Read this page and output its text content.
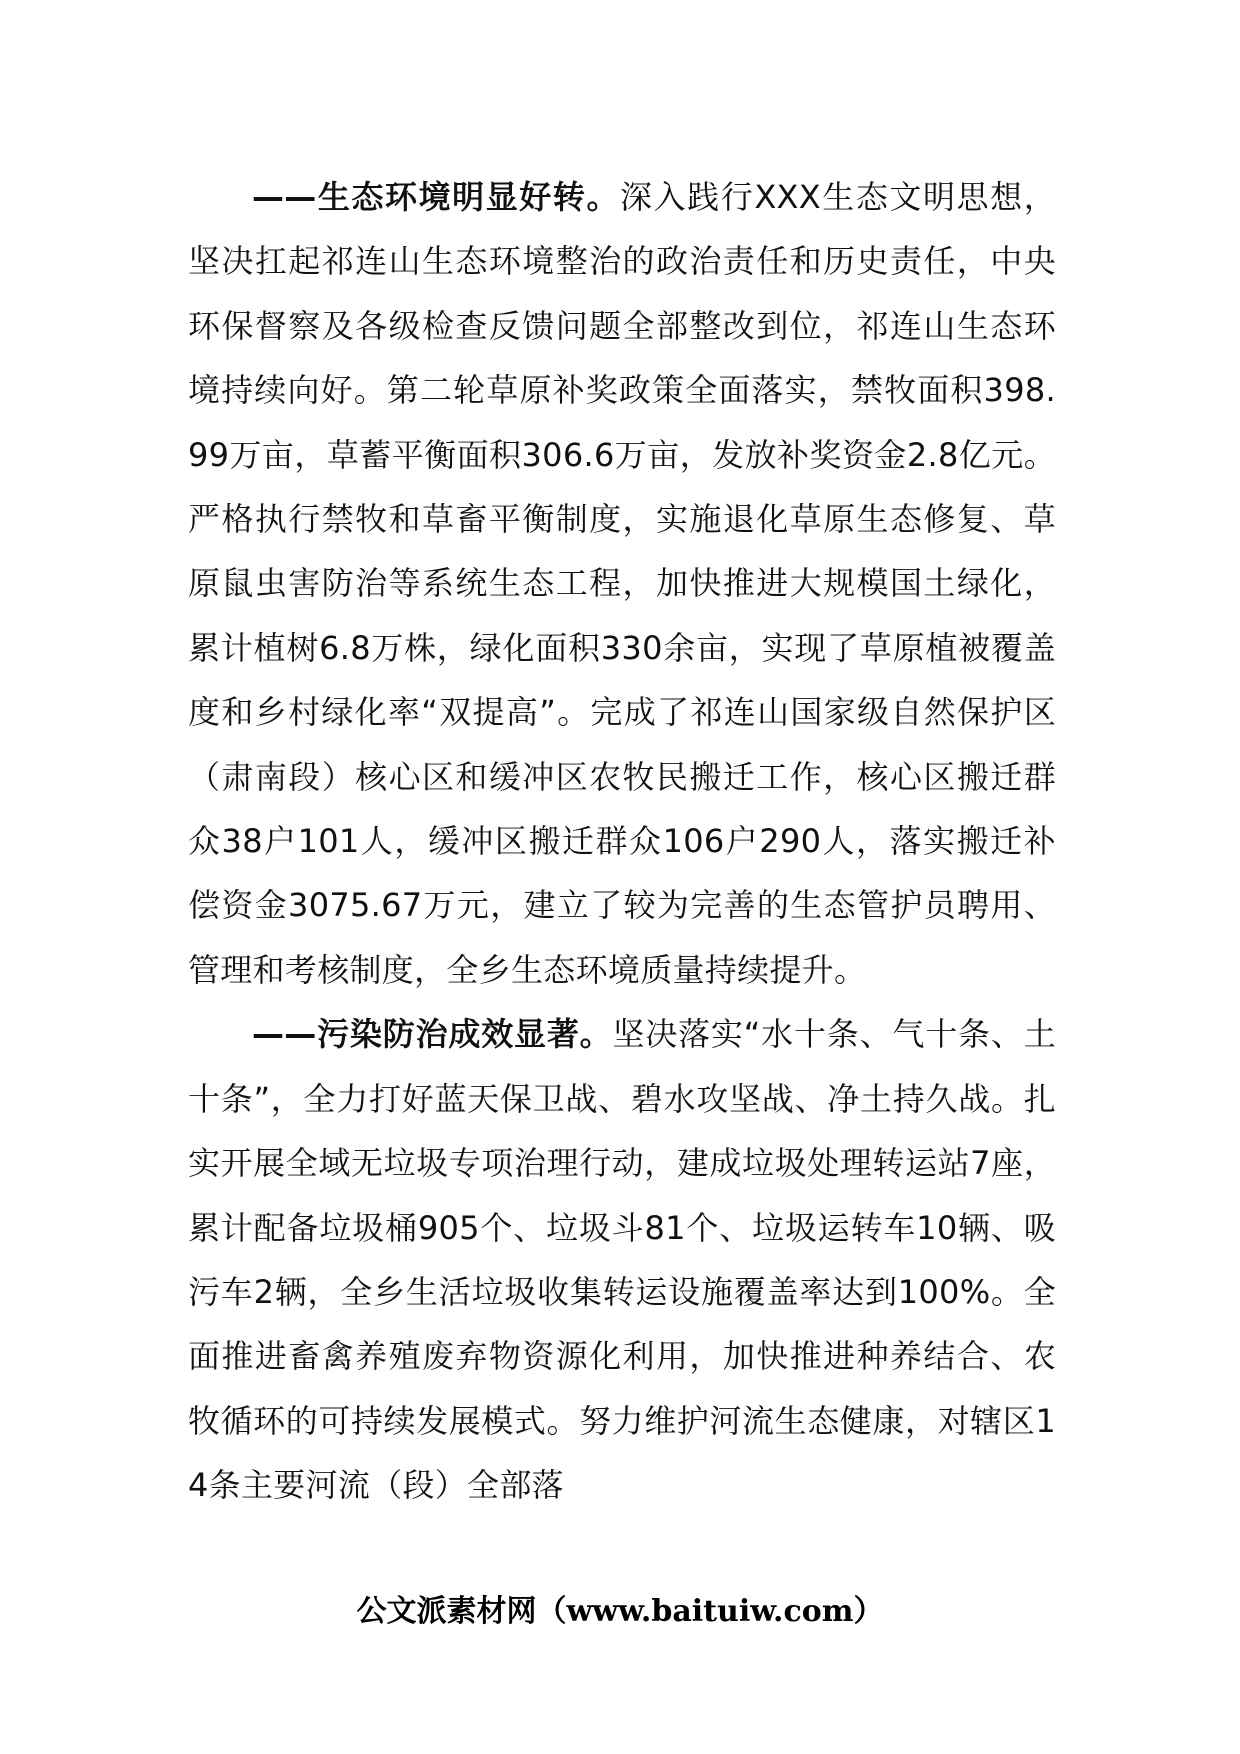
——生态环境明显好转。深入践行XXX生态文明思想，坚决扛起祁连山生态环境整治的政治责任和历史责任，中央环保督察及各级检查反馈问题全部整改到位，祁连山生态环境持续向好。第二轮草原补奖政策全面落实，禁牧面积398.99万亩，草蓄平衡面积306.6万亩，发放补奖资金2.8亿元。严格执行禁牧和草畜平衡制度，实施退化草原生态修复、草原鼠虫害防治等系统生态工程，加快推进大规模国土绿化，累计植树6.8万株，绿化面积330余亩，实现了草原植被覆盖度和乡村绿化率“双提高”。完成了祁连山国家级自然保护区（肃南段）核心区和缓冲区农牧民搬迁工作，核心区搬迁群众38户101人，缓冲区搬迁群众106户290人，落实搬迁补偿资金3075.67万元，建立了较为完善的生态管护员聘用、管理和考核制度，全乡生态环境质量持续提升。

——污染防治成效显著。坚决落实“水十条、气十条、土十条”，全力打好蓝天保卫战、碧水攻坚战、净土持久战。扎实开展全域无垃圾专项治理行动，建成垃圾处理转运站7座，累计配备垃圾桶905个、垃圾斗81个、垃圾运转车10辆、吸污车2辆，全乡生活垃圾收集转运设施覆盖率达到100%。全面推进畜禽养殖废弃物资源化利用，加快推进种养结合、农牧循环的可持续发展模式。努力维护河流生态健康，对辖区14条主要河流（段）全部落

公文派素材网（www.baituiw.com）
